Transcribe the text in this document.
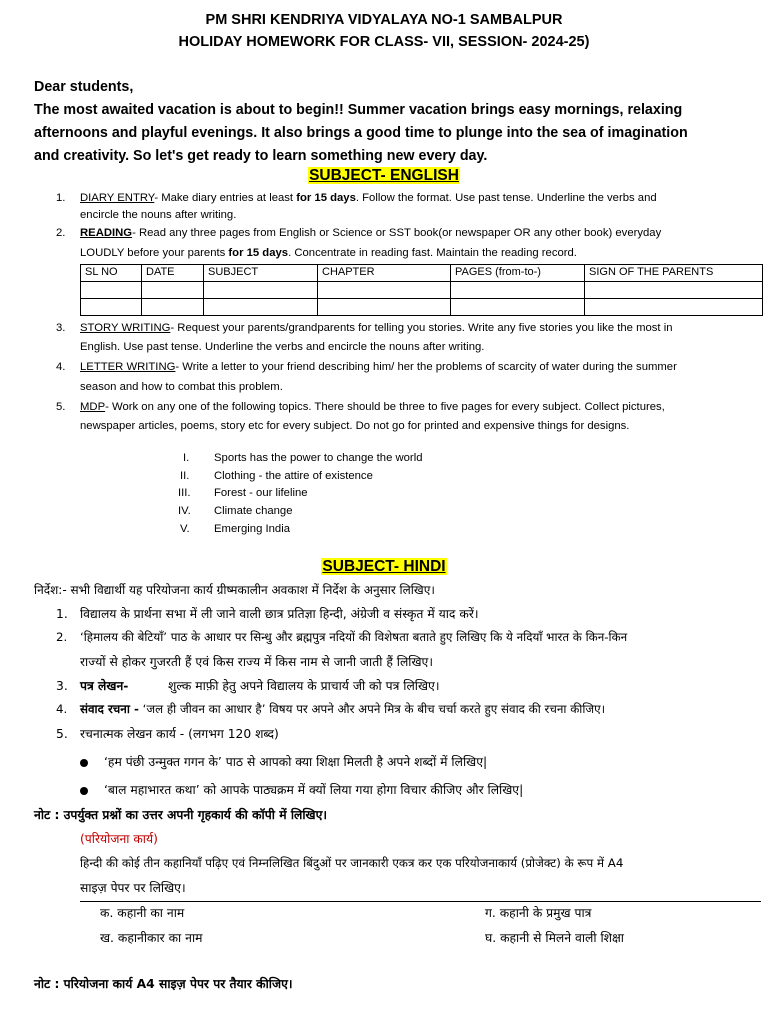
PM SHRI KENDRIYA VIDYALAYA NO-1 SAMBALPUR
HOLIDAY HOMEWORK FOR CLASS- VII, SESSION- 2024-25)
Dear students,
The most awaited vacation is about to begin!! Summer vacation brings easy mornings, relaxing
afternoons and playful evenings. It also brings a good time to plunge into the sea of imagination
and creativity. So let's get ready to learn something new every day.
SUBJECT- ENGLISH
1. DIARY ENTRY- Make diary entries at least for 15 days. Follow the format. Use past tense. Underline the verbs and
encircle the nouns after writing.
2. READING- Read any three pages from English or Science or SST book(or newspaper OR any other book) everyday
LOUDLY before your parents for 15 days. Concentrate in reading fast. Maintain the reading record.
SL NO	DATE	SUBJECT	CHAPTER	PAGES (from-to-)	SIGN OF THE PARENTS

3. STORY WRITING- Request your parents/grandparents for telling you stories. Write any five stories you like the most in
English. Use past tense. Underline the verbs and encircle the nouns after writing.
4. LETTER WRITING- Write a letter to your friend describing him/ her the problems of scarcity of water during the summer
season and how to combat this problem.
5. MDP- Work on any one of the following topics. There should be three to five pages for every subject. Collect pictures,
newspaper articles, poems, story etc for every subject. Do not go for printed and expensive things for designs.
I. Sports has the power to change the world
II. Clothing - the attire of existence
III. Forest - our lifeline
IV. Climate change
V. Emerging India
SUBJECT- HINDI
निर्देश:- सभी विद्यार्थी यह परियोजना कार्य ग्रीष्मकालीन अवकाश में निर्देश के अनुसार लिखिए।
1. विद्यालय के प्रार्थना सभा में ली जाने वाली छात्र प्रतिज्ञा हिन्दी, अंग्रेजी व संस्कृत में याद करें।
2. ‘हिमालय की बेटियाँ’ पाठ के आधार पर सिन्धु और ब्रह्मपुत्र नदियों की विशेषता बताते हुए लिखिए कि ये नदियाँ भारत के किन-किन
राज्यों से होकर गुजरती हैं एवं किस राज्य में किस नाम से जानी जाती हैं लिखिए।
3. पत्र लेखन-	शुल्क माफ़ी हेतु अपने विद्यालय के प्राचार्य जी को पत्र लिखिए।
4. संवाद रचना - ‘जल ही जीवन का आधार है’ विषय पर अपने और अपने मित्र के बीच चर्चा करते हुए संवाद की रचना कीजिए।
5. रचनात्मक लेखन कार्य - (लगभग 120 शब्द)
‘हम पंछी उन्मुक्त गगन के’ पाठ से आपको क्या शिक्षा मिलती है अपने शब्दों में लिखिए|
‘बाल महाभारत कथा’ को आपके पाठ्यक्रम में क्यों लिया गया होगा विचार कीजिए और लिखिए|
नोट : उपर्युक्त प्रश्नों का उत्तर अपनी गृहकार्य की कॉपी में लिखिए।
(परियोजना कार्य)
हिन्दी की कोई तीन कहानियाँ पढ़िए एवं निम्नलिखित बिंदुओं पर जानकारी एकत्र कर एक परियोजनाकार्य (प्रोजेक्ट) के रूप में A4
साइज़ पेपर पर लिखिए।
क. कहानी का नाम	ग. कहानी के प्रमुख पात्र
ख. कहानीकार का नाम	घ. कहानी से मिलने वाली शिक्षा
नोट : परियोजना कार्य A4 साइज़ पेपर पर तैयार कीजिए।
